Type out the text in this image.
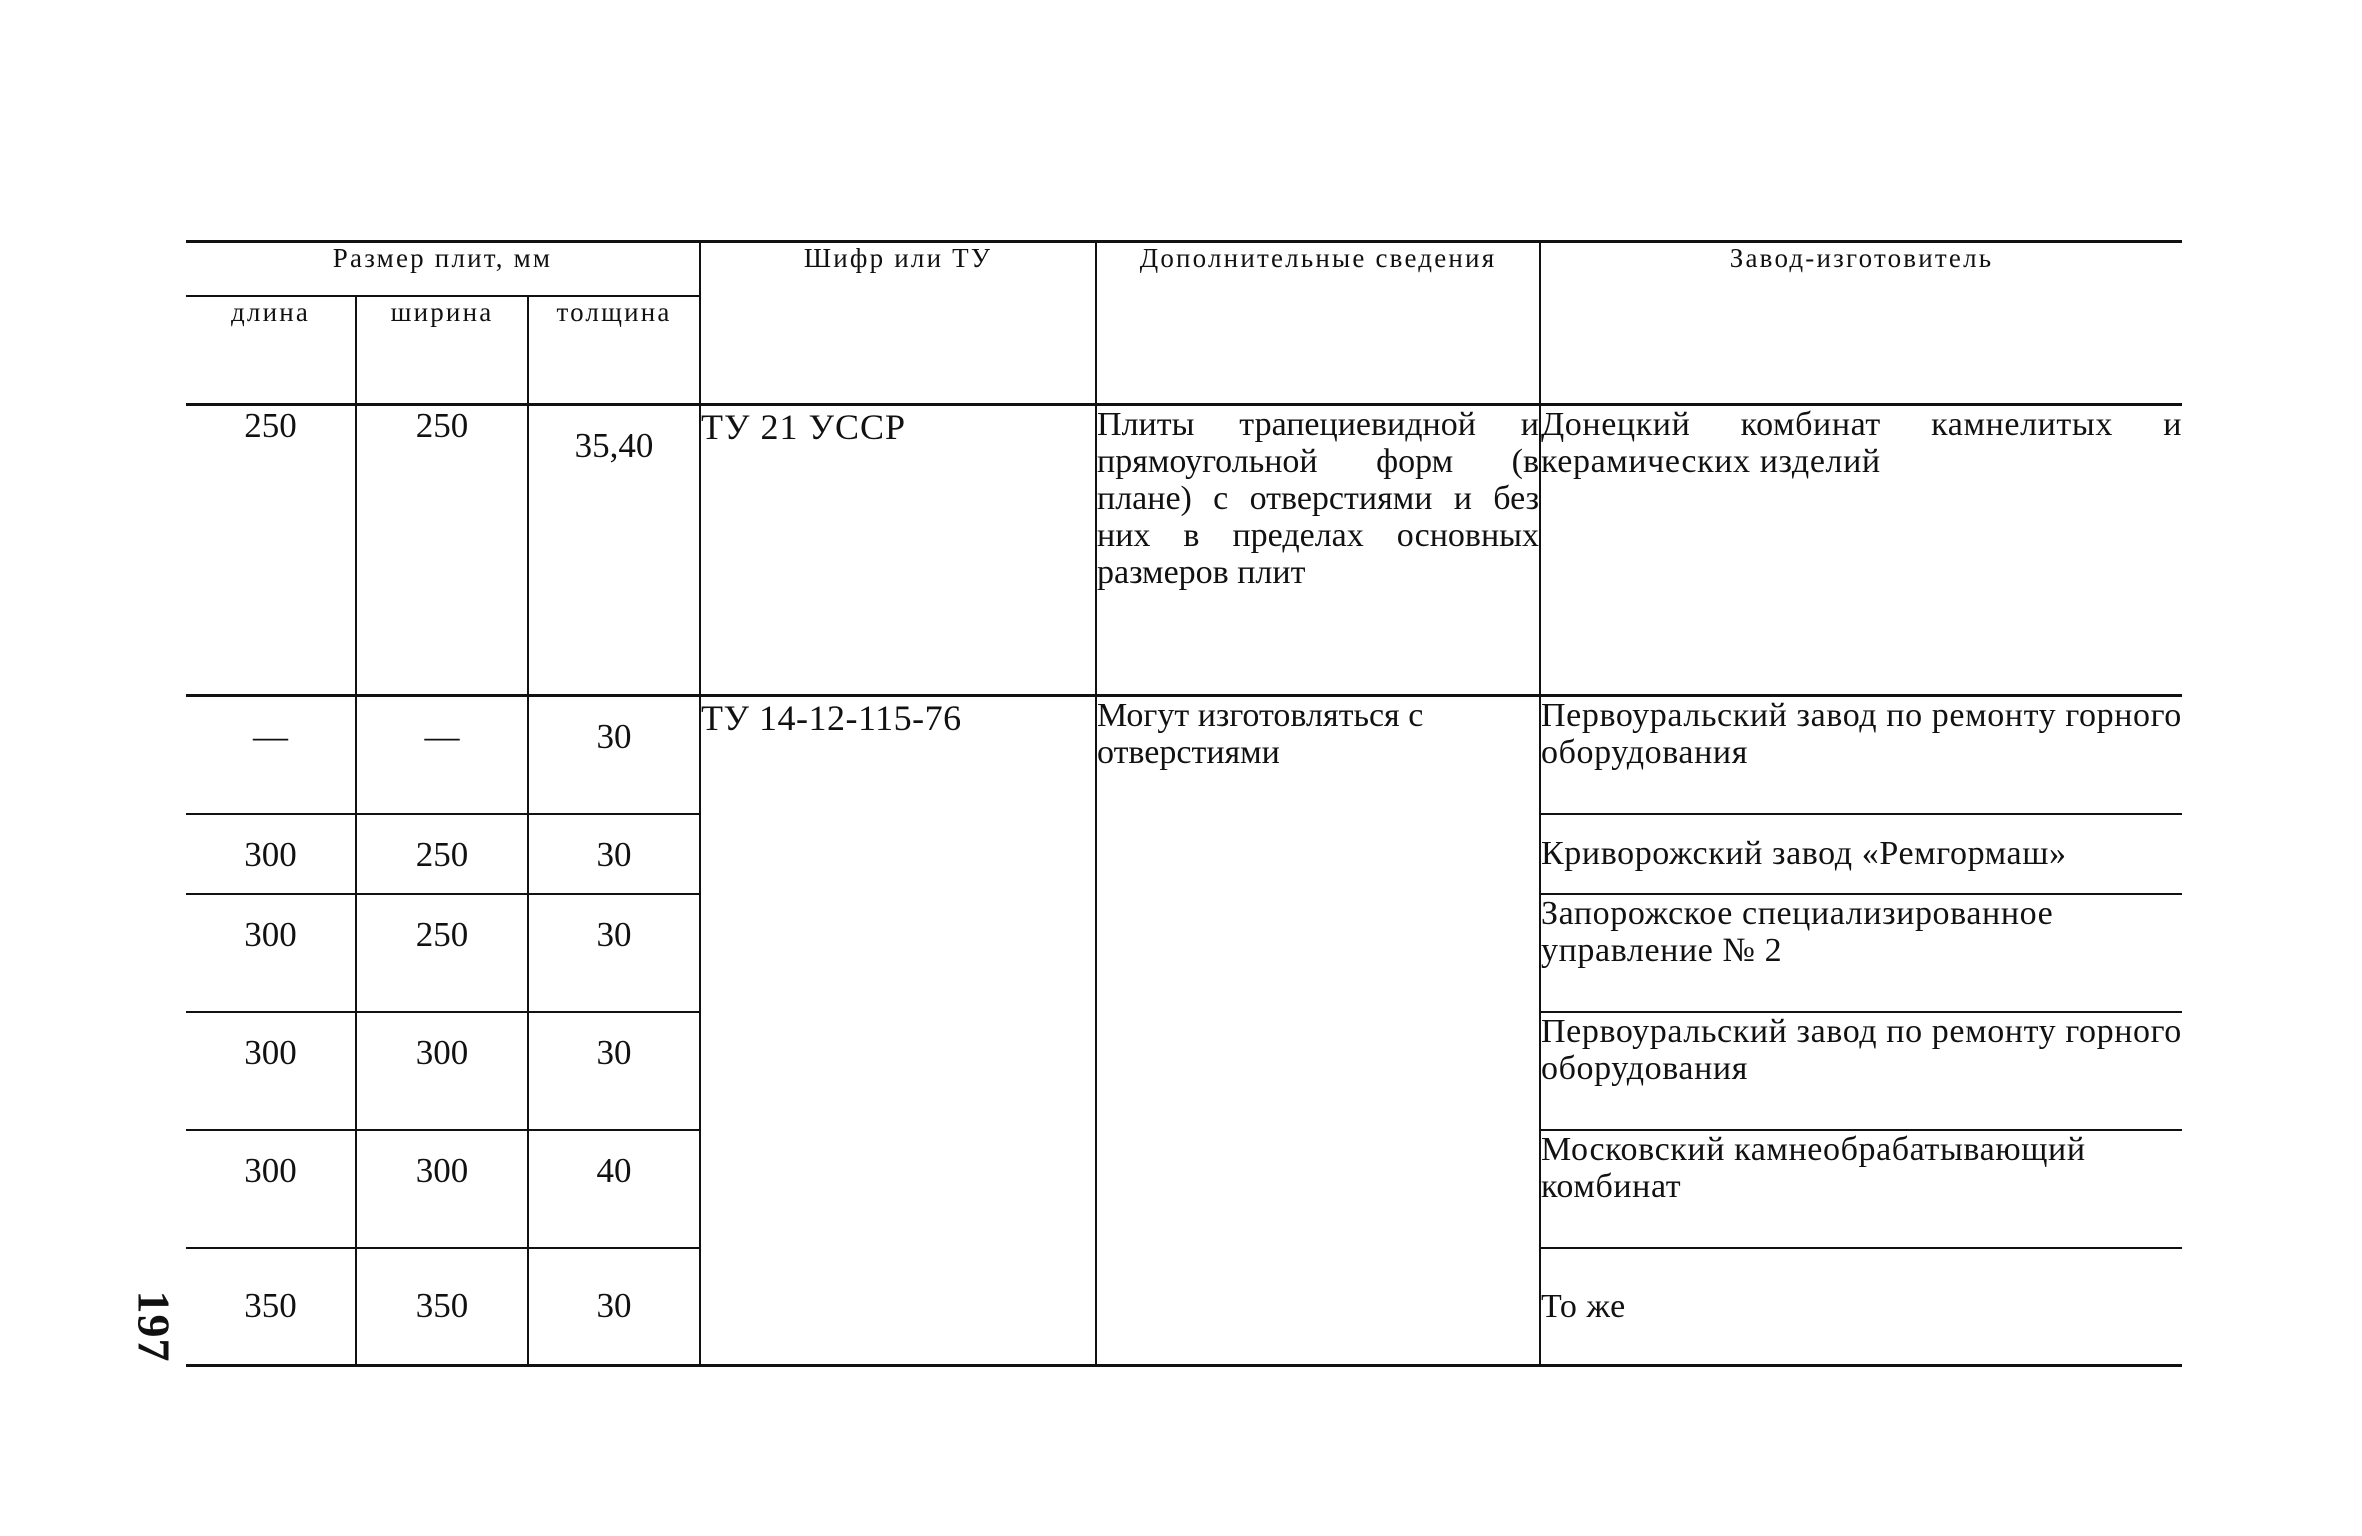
Размер плит, мм			Шифр или ТУ	Дополнительные сведения	Завод-изготовитель
длина	ширина	толщина			
250	250	35,40	ТУ 21 УССР	Плиты трапециевидной и прямоугольной форм (в плане) с отверстиями и без них в пределах основных размеров плит	Донецкий комбинат камнелитых и керамических изделий
—	—	30	ТУ 14-12-115-76	Могут изготовляться с отверстиями	Первоуральский завод по ремонту горного оборудования
300	250	30			Криворожский завод «Ремгормаш»
300	250	30			Запорожское специализированное управление № 2
300	300	30			Первоуральский завод по ремонту горного оборудования
300	300	40			Московский камнеобрабатывающий комбинат
350	350	30			То же
197
